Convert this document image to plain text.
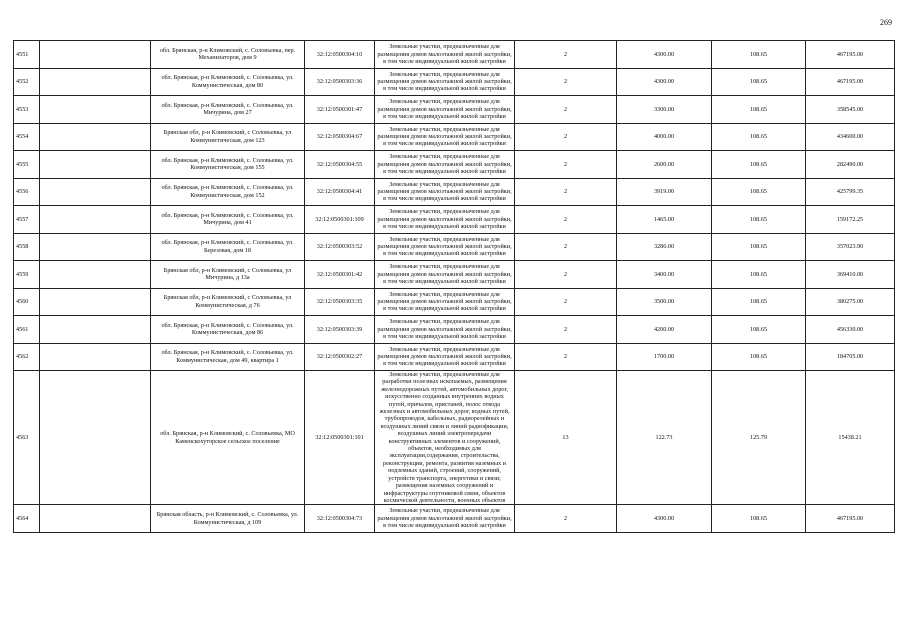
269
4551		обл. Брянская, р-н Климовский, с. Соловьевка, пер. Механизаторов, дом 9	32:12:0500304:10	Земельные участки, предназначенные для размещения домов малоэтажной жилой застройки, в том числе индивидуальной жилой застройки	2	4300.00	108.65	467195.00
4552		обл. Брянская, р-н Климовский, с. Соловьевка, ул. Коммунистическая, дом 80	32:12:0500303:36	Земельные участки, предназначенные для размещения домов малоэтажной жилой застройки, в том числе индивидуальной жилой застройки	2	4300.00	108.65	467195.00
4553		обл. Брянская, р-н Климовский, с. Соловьевка, ул. Мичурина, дом 27	32:12:0500301:47	Земельные участки, предназначенные для размещения домов малоэтажной жилой застройки, в том числе индивидуальной жилой застройки	2	3300.00	108.65	358545.00
4554		Брянская обл, р-н Климовский, с Соловьевка, ул Коммунистическая, дом 123	32:12:0500304:67	Земельные участки, предназначенные для размещения домов малоэтажной жилой застройки, в том числе индивидуальной жилой застройки	2	4000.00	108.65	434600.00
4555		обл. Брянская, р-н Климовский, с. Соловьевка, ул. Коммунистическая, дом 155	32:12:0500304:55	Земельные участки, предназначенные для размещения домов малоэтажной жилой застройки, в том числе индивидуальной жилой застройки	2	2600.00	108.65	282490.00
4556		обл. Брянская, р-н Климовский, с. Соловьевка, ул. Коммунистическая, дом 152	32:12:0500304:41	Земельные участки, предназначенные для размещения домов малоэтажной жилой застройки, в том числе индивидуальной жилой застройки	2	3919.00	108.65	425799.35
4557		обл. Брянская, р-н Климовский, с. Соловьевка, ул. Мичурина, дом 41	32:12:0500301:109	Земельные участки, предназначенные для размещения домов малоэтажной жилой застройки, в том числе индивидуальной жилой застройки	2	1465.00	108.65	159172.25
4558		обл. Брянская, р-н Климовский, с. Соловьевка, ул. Березовая, дом 18	32:12:0500303:52	Земельные участки, предназначенные для размещения домов малоэтажной жилой застройки, в том числе индивидуальной жилой застройки	2	3286.00	108.65	357023.90
4559		Брянская обл, р-н Климовский, с Соловьевка, ул Мичурина, д 13а	32:12:0500301:42	Земельные участки, предназначенные для размещения домов малоэтажной жилой застройки, в том числе индивидуальной жилой застройки	2	3400.00	108.65	369410.00
4560		Брянская обл, р-н Климовский, с Соловьевка, ул Коммунистическая, д 76	32:12:0500303:35	Земельные участки, предназначенные для размещения домов малоэтажной жилой застройки, в том числе индивидуальной жилой застройки	2	3500.00	108.65	380275.00
4561		обл. Брянская, р-н Климовский, с. Соловьевка, ул. Коммунистическая, дом 86	32:12:0500303:39	Земельные участки, предназначенные для размещения домов малоэтажной жилой застройки, в том числе индивидуальной жилой застройки	2	4200.00	108.65	456330.00
4562		обл. Брянская, р-н Климовский, с. Соловьевка, ул. Коммунистическая, дом 49, квартира 1	32:12:0500302:27	Земельные участки, предназначенные для размещения домов малоэтажной жилой застройки, в том числе индивидуальной жилой застройки	2	1700.00	108.65	184705.00
4563		обл. Брянская, р-н Климовский, с. Соловьевка, МО Каменскохуторское сельское поселение	32:12:0500301:101	Земельные участки, предназначенные для разработки полезных ископаемых, размещения железнодорожных путей, автомобильных дорог, искусственно созданных внутренних водных путей, причалов, пристаней, полос отвода железных и автомобильных дорог, водных путей, трубопроводов, кабельных, радиорелейных и воздушных линий связи и линий радиофикации, воздушных линий электропередачи конструктивных элементов и сооружений, объектов, необходимых для эксплуатации,содержания, строительства, реконструкции, ремонта, развития наземных и подземных зданий, строений, сооружений, устройств транспорта, энергетики и связи; размещения наземных сооружений и инфраструктуры спутниковой связи, объектов космической деятельности, военных объектов	13	122.73	125.79	15438.21
4564		Брянская область, р-н Климовский, с. Соловьевка, ул. Коммунистическая, д 109	32:12:0500304:73	Земельные участки, предназначенные для размещения домов малоэтажной жилой застройки, в том числе индивидуальной жилой застройки	2	4300.00	108.65	467195.00
